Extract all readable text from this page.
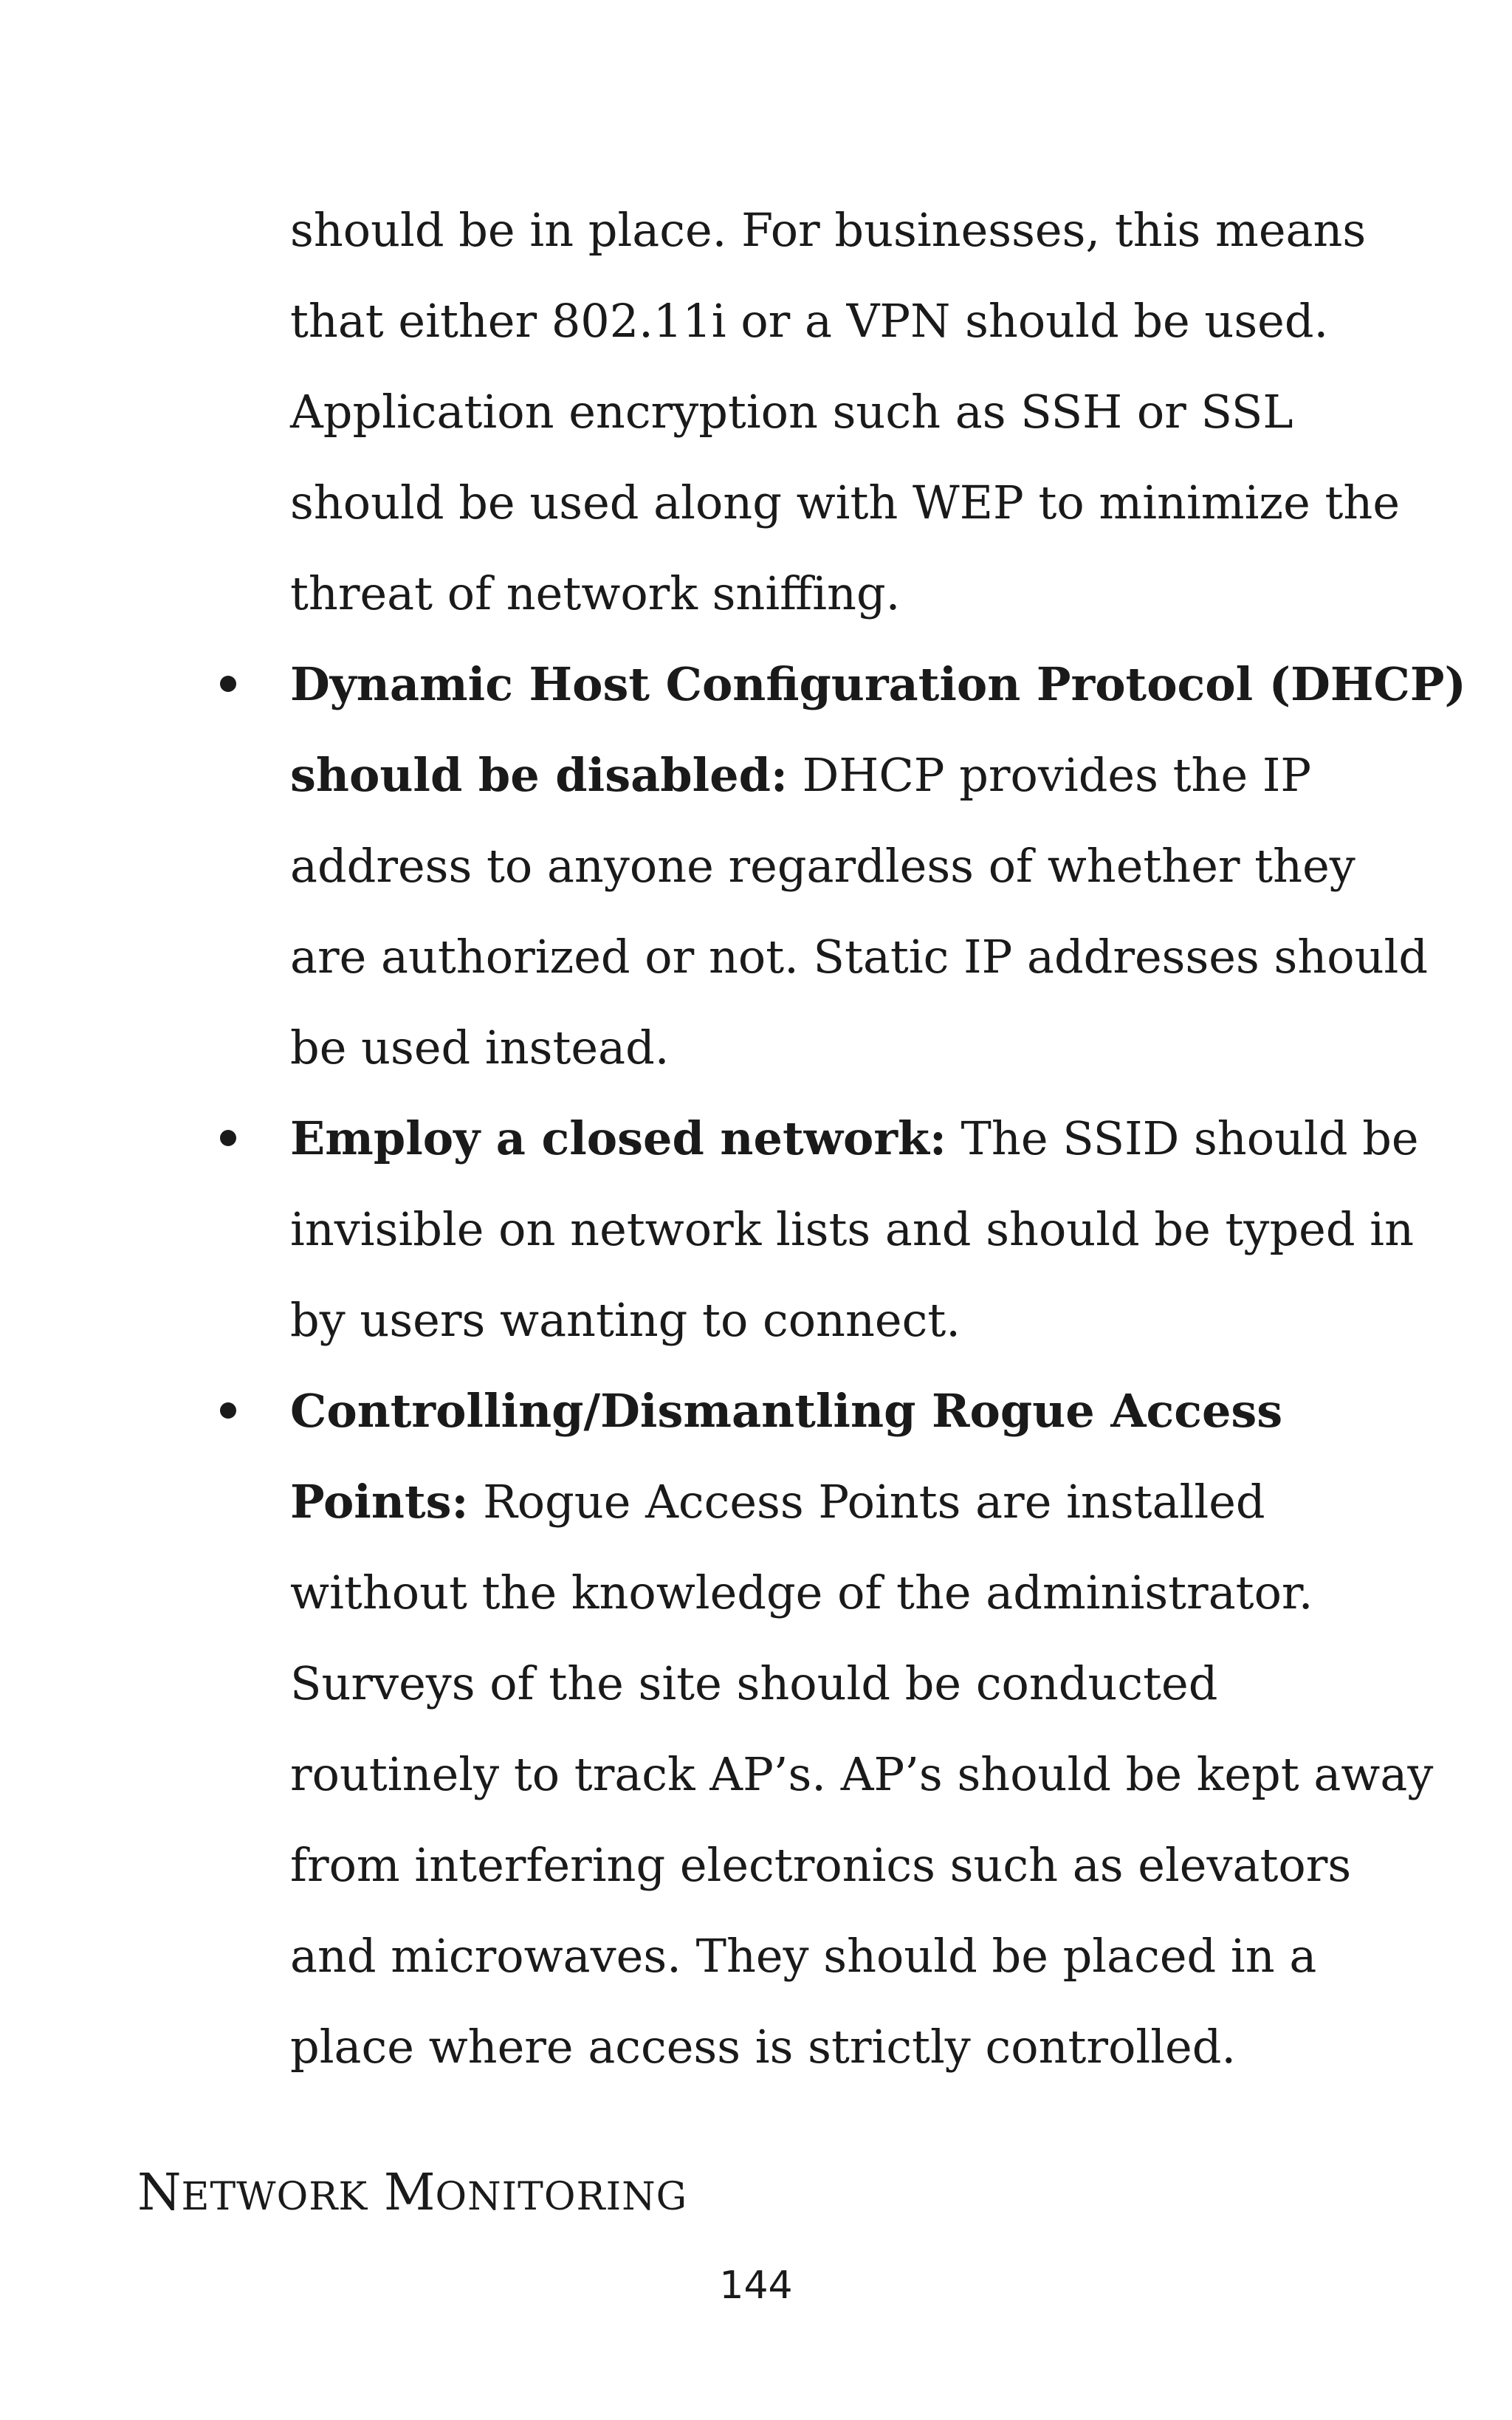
should be in place. For businesses, this means
that either 802.11i or a VPN should be used.
Application encryption such as SSH or SSL
should be used along with WEP to minimize the
threat of network sniffing.
Dynamic Host Configuration Protocol (DHCP)
should be disabled: DHCP provides the IP
address to anyone regardless of whether they
are authorized or not. Static IP addresses should
be used instead.
Employ a closed network: The SSID should be
invisible on network lists and should be typed in
by users wanting to connect.
Controlling/Dismantling Rogue Access
Points: Rogue Access Points are installed
without the knowledge of the administrator.
Surveys of the site should be conducted
routinely to track AP’s. AP’s should be kept away
from interfering electronics such as elevators
and microwaves. They should be placed in a
place where access is strictly controlled.
NETWORK MONITORING
144
